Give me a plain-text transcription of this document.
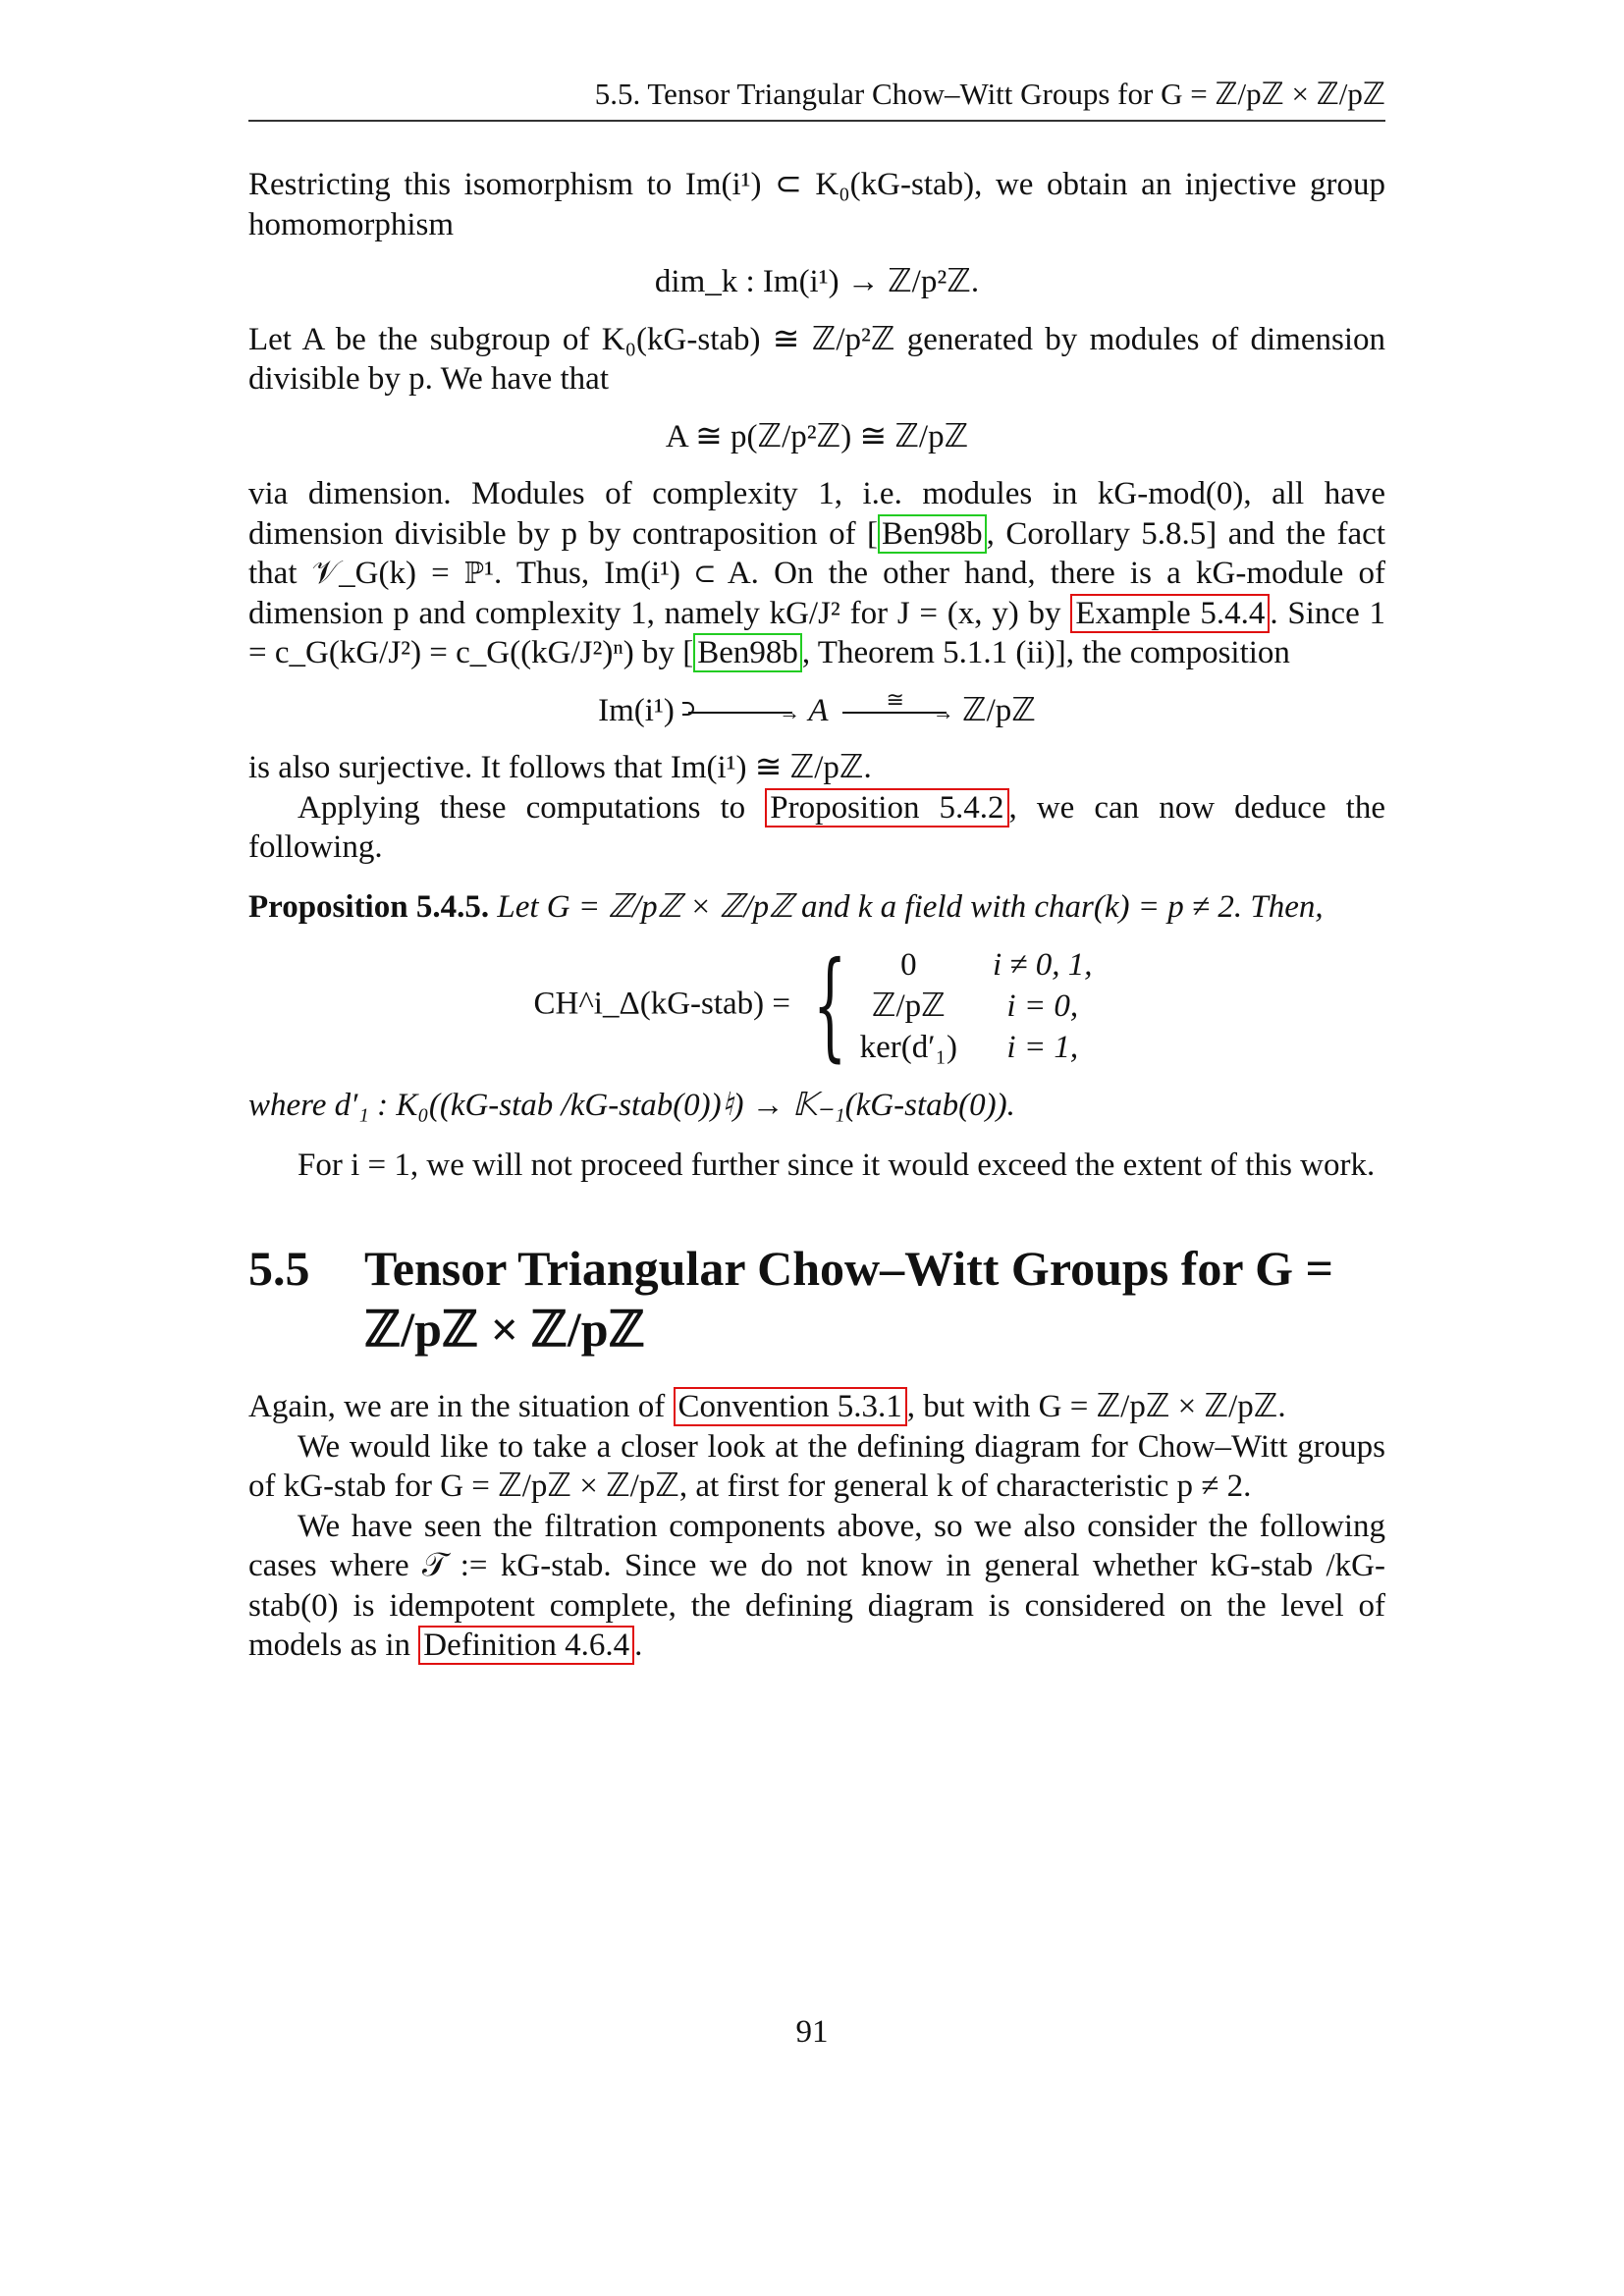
5.5. Tensor Triangular Chow–Witt Groups for G = ℤ/pℤ × ℤ/pℤ

Restricting this isomorphism to Im(i¹) ⊂ K₀(kG-stab), we obtain an injective group homomorphism

dim_k : Im(i¹) → ℤ/p²ℤ.

Let A be the subgroup of K₀(kG-stab) ≅ ℤ/p²ℤ generated by modules of dimension divisible by p. We have that

A ≅ p(ℤ/p²ℤ) ≅ ℤ/pℤ

via dimension. Modules of complexity 1, i.e. modules in kG-mod(0), all have dimension divisible by p by contraposition of [ Ben98b , Corollary 5.8.5] and the fact that 𝒱_G(k) = ℙ¹. Thus, Im(i¹) ⊂ A. On the other hand, there is a kG-module of dimension p and complexity 1, namely kG/J² for J = (x, y) by Example 5.4.4 . Since 1 = c_G(kG/J²) = c_G((kG/J²)ⁿ) by [ Ben98b , Theorem 5.1.1 (ii)], the composition

Im(i¹)	→ A	≅
→ ℤ/pℤ

is also surjective. It follows that Im(i¹) ≅ ℤ/pℤ.

Applying these computations to Proposition 5.4.2 , we can now deduce the following.

Proposition 5.4.5. Let G = ℤ/pℤ × ℤ/pℤ and k a field with char(k) = p ≠ 2. Then,

CH^i_Δ(kG-stab) = { 0	i ≠ 0, 1,
ℤ/pℤ	i = 0,
ker(d′₁)	i = 1,

where d′₁ : K₀((kG-stab /kG-stab(0))♮) → 𝕂₋₁(kG-stab(0)).

For i = 1, we will not proceed further since it would exceed the extent of this work.

5.5	Tensor Triangular Chow–Witt Groups for G = ℤ/pℤ × ℤ/pℤ

Again, we are in the situation of Convention 5.3.1 , but with G = ℤ/pℤ × ℤ/pℤ.

We would like to take a closer look at the defining diagram for Chow–Witt groups of kG-stab for G = ℤ/pℤ × ℤ/pℤ, at first for general k of characteristic p ≠ 2.

We have seen the filtration components above, so we also consider the following cases where 𝒯 := kG-stab. Since we do not know in general whether kG-stab /kG-stab(0) is idempotent complete, the defining diagram is considered on the level of models as in Definition 4.6.4 .

91
